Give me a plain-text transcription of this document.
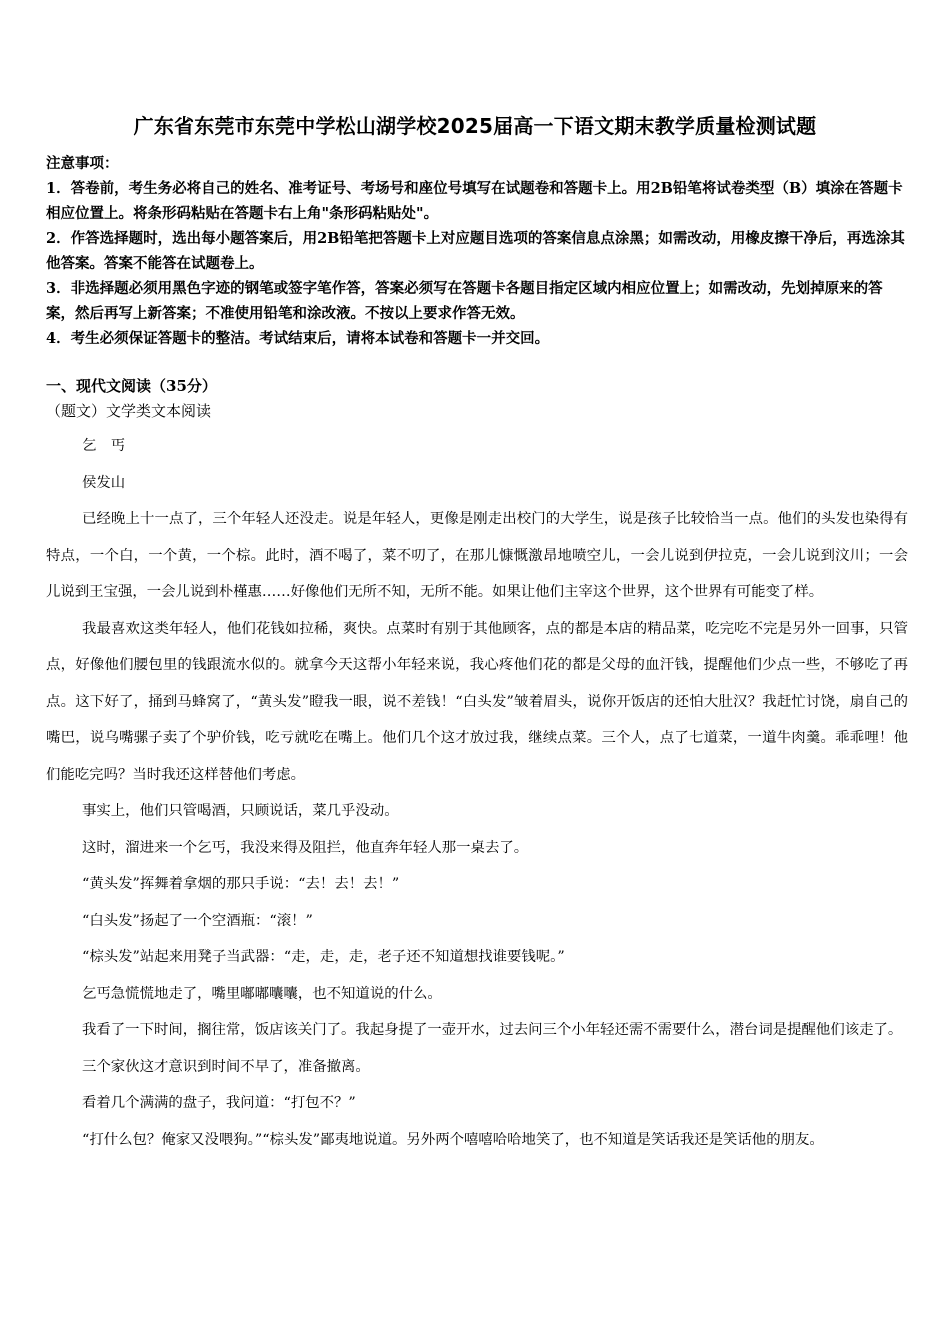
广东省东莞市东莞中学松山湖学校2025届高一下语文期末教学质量检测试题

注意事项：

1．答卷前，考生务必将自己的姓名、准考证号、考场号和座位号填写在试题卷和答题卡上。用2B铅笔将试卷类型（B）填涂在答题卡相应位置上。将条形码粘贴在答题卡右上角"条形码粘贴处"。

2．作答选择题时，选出每小题答案后，用2B铅笔把答题卡上对应题目选项的答案信息点涂黑；如需改动，用橡皮擦干净后，再选涂其他答案。答案不能答在试题卷上。

3．非选择题必须用黑色字迹的钢笔或签字笔作答，答案必须写在答题卡各题目指定区域内相应位置上；如需改动，先划掉原来的答案，然后再写上新答案；不准使用铅笔和涂改液。不按以上要求作答无效。

4．考生必须保证答题卡的整洁。考试结束后，请将本试卷和答题卡一并交回。

一、现代文阅读（35分）

（题文）文学类文本阅读

乞　丐

侯发山

已经晚上十一点了，三个年轻人还没走。说是年轻人，更像是刚走出校门的大学生，说是孩子比较恰当一点。他们的头发也染得有特点，一个白，一个黄，一个棕。此时，酒不喝了，菜不叨了，在那儿慷慨激昂地喷空儿，一会儿说到伊拉克，一会儿说到汶川；一会儿说到王宝强，一会儿说到朴槿惠……好像他们无所不知，无所不能。如果让他们主宰这个世界，这个世界有可能变了样。

我最喜欢这类年轻人，他们花钱如拉稀，爽快。点菜时有别于其他顾客，点的都是本店的精品菜，吃完吃不完是另外一回事，只管点，好像他们腰包里的钱跟流水似的。就拿今天这帮小年轻来说，我心疼他们花的都是父母的血汗钱，提醒他们少点一些，不够吃了再点。这下好了，捅到马蜂窝了，“黄头发”瞪我一眼，说不差钱！“白头发”皱着眉头，说你开饭店的还怕大肚汉？我赶忙讨饶，扇自己的嘴巴，说乌嘴骡子卖了个驴价钱，吃亏就吃在嘴上。他们几个这才放过我，继续点菜。三个人，点了七道菜，一道牛肉羹。乖乖哩！他们能吃完吗？当时我还这样替他们考虑。

事实上，他们只管喝酒，只顾说话，菜几乎没动。

这时，溜进来一个乞丐，我没来得及阻拦，他直奔年轻人那一桌去了。

“黄头发”挥舞着拿烟的那只手说：“去！去！去！”

“白头发”扬起了一个空酒瓶：“滚！”

“棕头发”站起来用凳子当武器：“走，走，走，老子还不知道想找谁要钱呢。”

乞丐急慌慌地走了，嘴里嘟嘟囔囔，也不知道说的什么。

我看了一下时间，搁往常，饭店该关门了。我起身提了一壶开水，过去问三个小年轻还需不需要什么，潜台词是提醒他们该走了。

三个家伙这才意识到时间不早了，准备撤离。

看着几个满满的盘子，我问道：“打包不？”

“打什么包？俺家又没喂狗。”“棕头发”鄙夷地说道。另外两个嘻嘻哈哈地笑了，也不知道是笑话我还是笑话他的朋友。
